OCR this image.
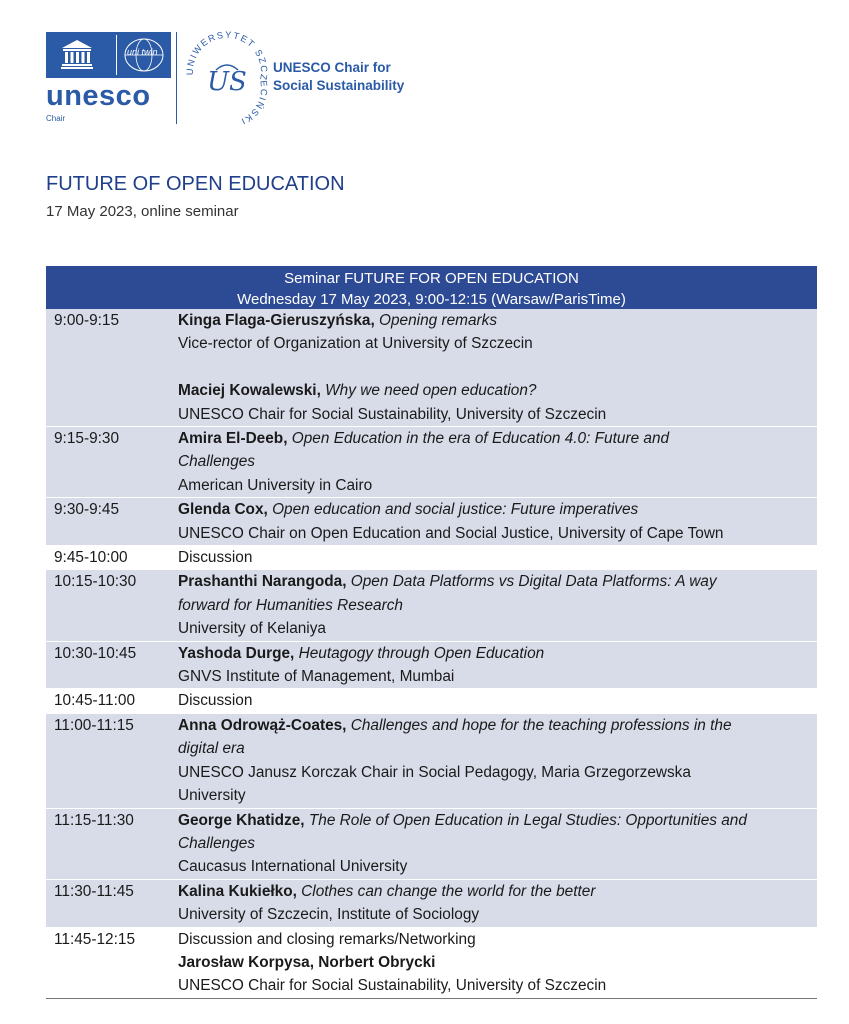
uni twin
unesco
Chair
UNIWERSYTET SZCZECIŃSKI
US UNESCO Chair for
Social Sustainability
FUTURE OF OPEN EDUCATION
17 May 2023, online seminar
Seminar FUTURE FOR OPEN EDUCATION
Wednesday 17 May 2023, 9:00-12:15 (Warsaw/ParisTime)
9:00-9:15	Kinga Flaga-Gieruszyńska, Opening remarks
Vice-rector of Organization at University of Szczecin
Maciej Kowalewski, Why we need open education?
UNESCO Chair for Social Sustainability, University of Szczecin
9:15-9:30	Amira El-Deeb, Open Education in the era of Education 4.0: Future and
Challenges
American University in Cairo
9:30-9:45	Glenda Cox, Open education and social justice: Future imperatives
UNESCO Chair on Open Education and Social Justice, University of Cape Town
9:45-10:00	Discussion
10:15-10:30	Prashanthi Narangoda, Open Data Platforms vs Digital Data Platforms: A way
forward for Humanities Research
University of Kelaniya
10:30-10:45	Yashoda Durge, Heutagogy through Open Education
GNVS Institute of Management, Mumbai
10:45-11:00	Discussion
11:00-11:15	Anna Odrowąż-Coates, Challenges and hope for the teaching professions in the
digital era
UNESCO Janusz Korczak Chair in Social Pedagogy, Maria Grzegorzewska
University
11:15-11:30	George Khatidze, The Role of Open Education in Legal Studies: Opportunities and
Challenges
Caucasus International University
11:30-11:45	Kalina Kukiełko, Clothes can change the world for the better
University of Szczecin, Institute of Sociology
11:45-12:15	Discussion and closing remarks/Networking
Jarosław Korpysa, Norbert Obrycki
UNESCO Chair for Social Sustainability, University of Szczecin
